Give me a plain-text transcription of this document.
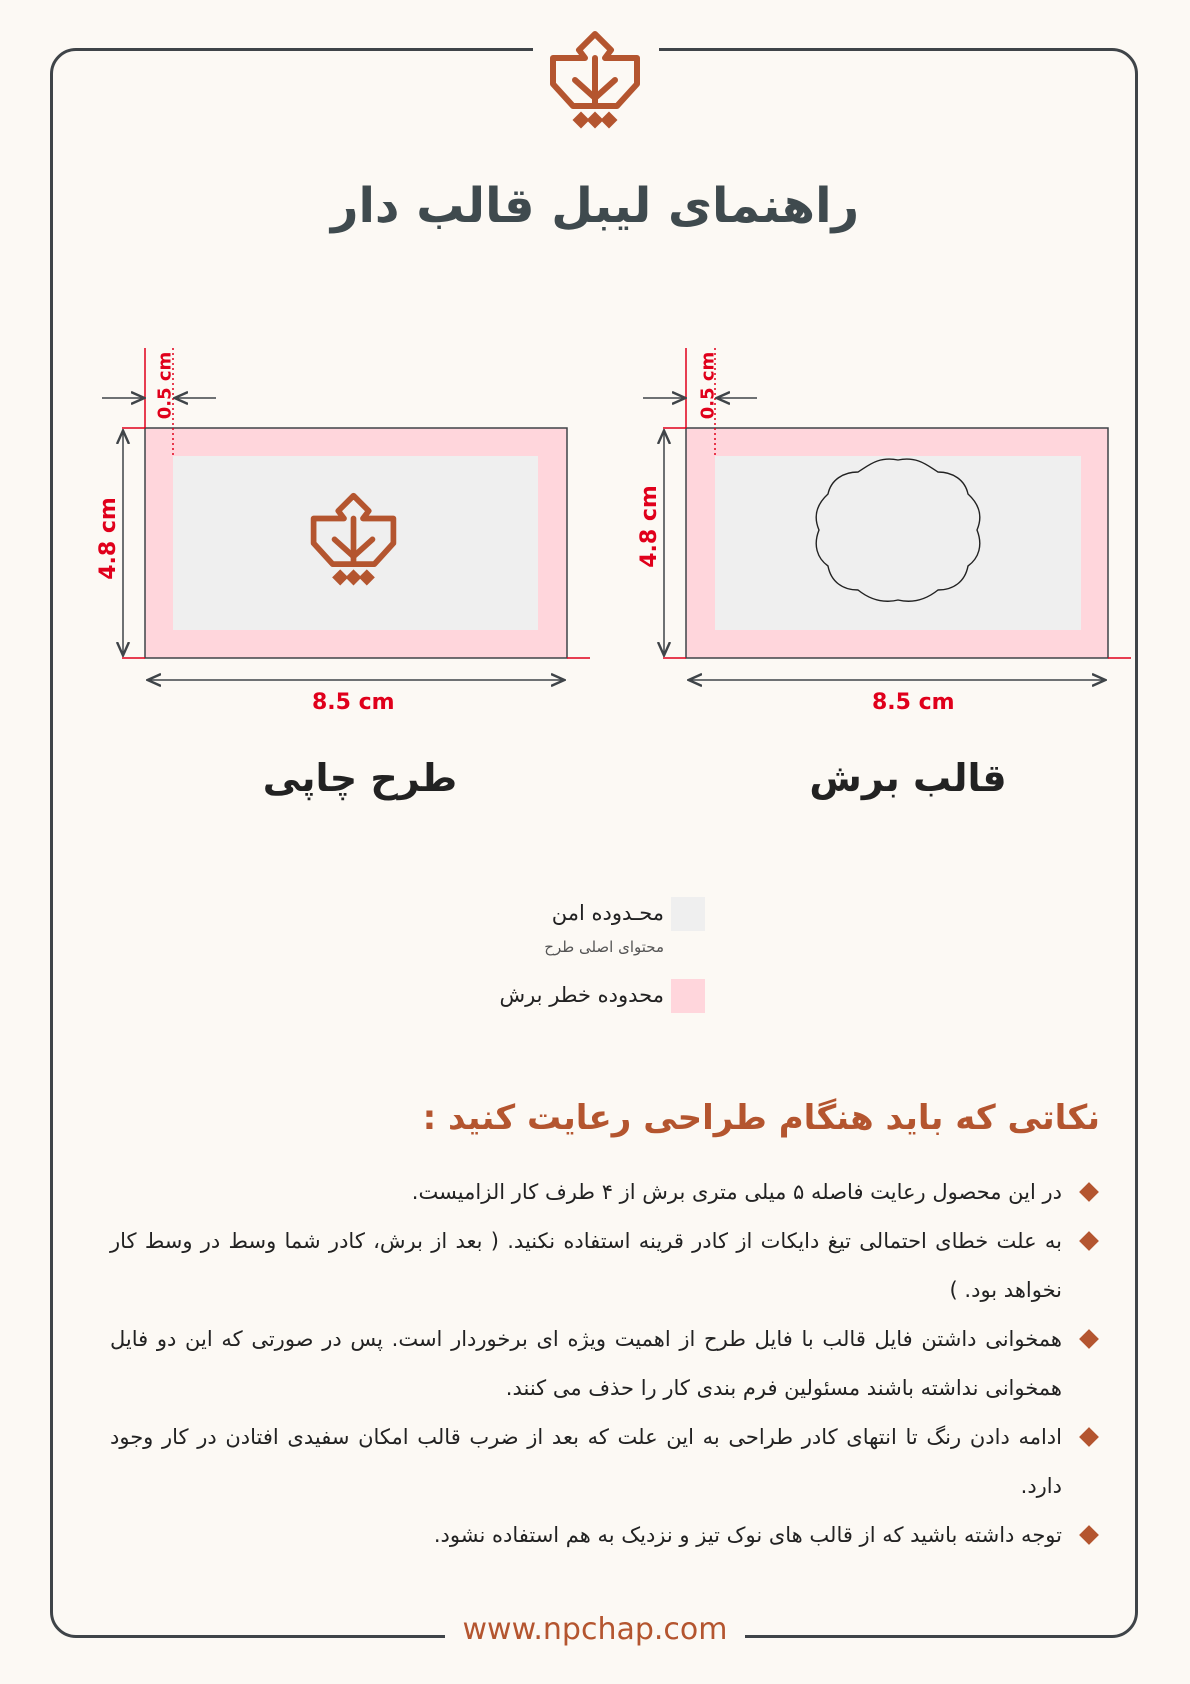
راهنمای لیبل قالب دار
0.5 cm
4.8 cm
8.5 cm
طرح چاپی
0.5 cm
4.8 cm
8.5 cm
قالب برش
محـدوده امن
محتوای اصلی طرح
محدوده خطر برش
نکاتی که باید هنگام طراحی رعایت کنید :
در این محصول رعایت فاصله ۵ میلی متری برش از ۴ طرف کار الزامیست.
به علت خطای احتمالی تیغ دایکات از کادر قرینه استفاده نکنید. ( بعد از برش، کادر شما وسط در وسط کار نخواهد بود. )
همخوانی داشتن فایل قالب با فایل طرح از اهمیت ویژه ای برخوردار است. پس در صورتی که این دو فایل همخوانی نداشته باشند مسئولین فرم بندی کار را حذف می کنند.
ادامه دادن رنگ تا انتهای کادر طراحی به این علت که بعد از ضرب قالب امکان سفیدی افتادن در کار وجود دارد.
توجه داشته باشید که از قالب های نوک تیز و نزدیک به هم استفاده نشود.
www.npchap.com
